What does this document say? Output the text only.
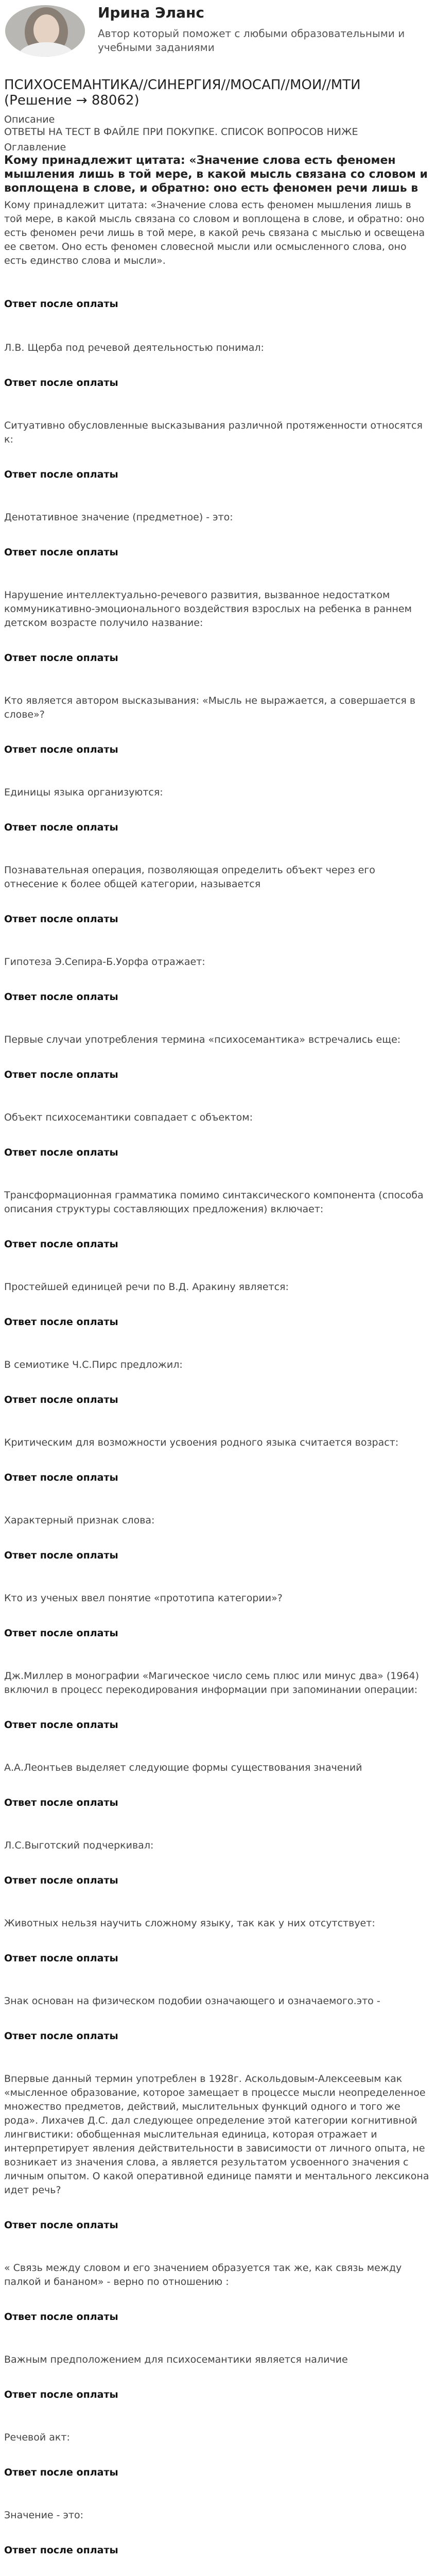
Ирина Эланс
Автор который поможет с любыми образовательными и учебными заданиями
ПСИХОСЕМАНТИКА//СИНЕРГИЯ//МОСАП//МОИ//МТИ (Решение → 88062)
Описание
ОТВЕТЫ НА ТЕСТ В ФАЙЛЕ ПРИ ПОКУПКЕ. СПИСОК ВОПРОСОВ НИЖЕ
Оглавление
Кому принадлежит цитата: «Значение слова есть феномен мышления лишь в той мере, в какой мысль связана со словом и воплощена в слове, и обратно: оно есть феномен речи лишь в
Кому принадлежит цитата: «Значение слова есть феномен мышления лишь в той мере, в какой мысль связана со словом и воплощена в слове, и обратно: оно есть феномен речи лишь в той мере, в какой речь связана с мыслью и освещена ее светом. Оно есть феномен словесной мысли или осмысленного слова, оно есть единство слова и мысли».
Ответ после оплаты
Л.В. Щерба под речевой деятельностью понимал:
Ответ после оплаты
Ситуативно обусловленные высказывания различной протяженности относятся к:
Ответ после оплаты
Денотативное значение (предметное) - это:
Ответ после оплаты
Нарушение интеллектуально-речевого развития, вызванное недостатком коммуникативно-эмоционального воздействия взрослых на ребенка в раннем детском возрасте получило название:
Ответ после оплаты
Кто является автором высказывания: «Мысль не выражается, а совершается в слове»?
Ответ после оплаты
Единицы языка организуются:
Ответ после оплаты
Познавательная операция, позволяющая определить объект через его отнесение к более общей категории, называется
Ответ после оплаты
Гипотеза Э.Сепира-Б.Уорфа отражает:
Ответ после оплаты
Первые случаи употребления термина «психосемантика» встречались еще:
Ответ после оплаты
Объект психосемантики совпадает с объектом:
Ответ после оплаты
Трансформационная грамматика помимо синтаксического компонента (способа описания структуры составляющих предложения) включает:
Ответ после оплаты
Простейшей единицей речи по В.Д. Аракину является:
Ответ после оплаты
В семиотике Ч.С.Пирс предложил:
Ответ после оплаты
Критическим для возможности усвоения родного языка считается возраст:
Ответ после оплаты
Характерный признак слова:
Ответ после оплаты
Кто из ученых ввел понятие «прототипа категории»?
Ответ после оплаты
Дж.Миллер в монографии «Магическое число семь плюс или минус два» (1964) включил в процесс перекодирования информации при запоминании операции:
Ответ после оплаты
А.А.Леонтьев выделяет следующие формы существования значений
Ответ после оплаты
Л.С.Выготский подчеркивал:
Ответ после оплаты
Животных нельзя научить сложному языку, так как у них отсутствует:
Ответ после оплаты
Знак основан на физическом подобии означающего и означаемого.это -
Ответ после оплаты
Впервые данный термин употреблен в 1928г. Аскольдовым-Алексеевым как «мысленное образование, которое замещает в процессе мысли неопределенное множество предметов, действий, мыслительных функций одного и того же рода». Лихачев Д.С. дал следующее определение этой категории когнитивной лингвистики: обобщенная мыслительная единица, которая отражает и интерпретирует явления действительности в зависимости от личного опыта, не возникает из значения слова, а является результатом усвоенного значения с личным опытом. О какой оперативной единице памяти и ментального лексикона идет речь?
Ответ после оплаты
« Связь между словом и его значением образуется так же, как связь между палкой и бананом» - верно по отношению :
Ответ после оплаты
Важным предположением для психосемантики является наличие
Ответ после оплаты
Речевой акт:
Ответ после оплаты
Значение - это:
Ответ после оплаты
